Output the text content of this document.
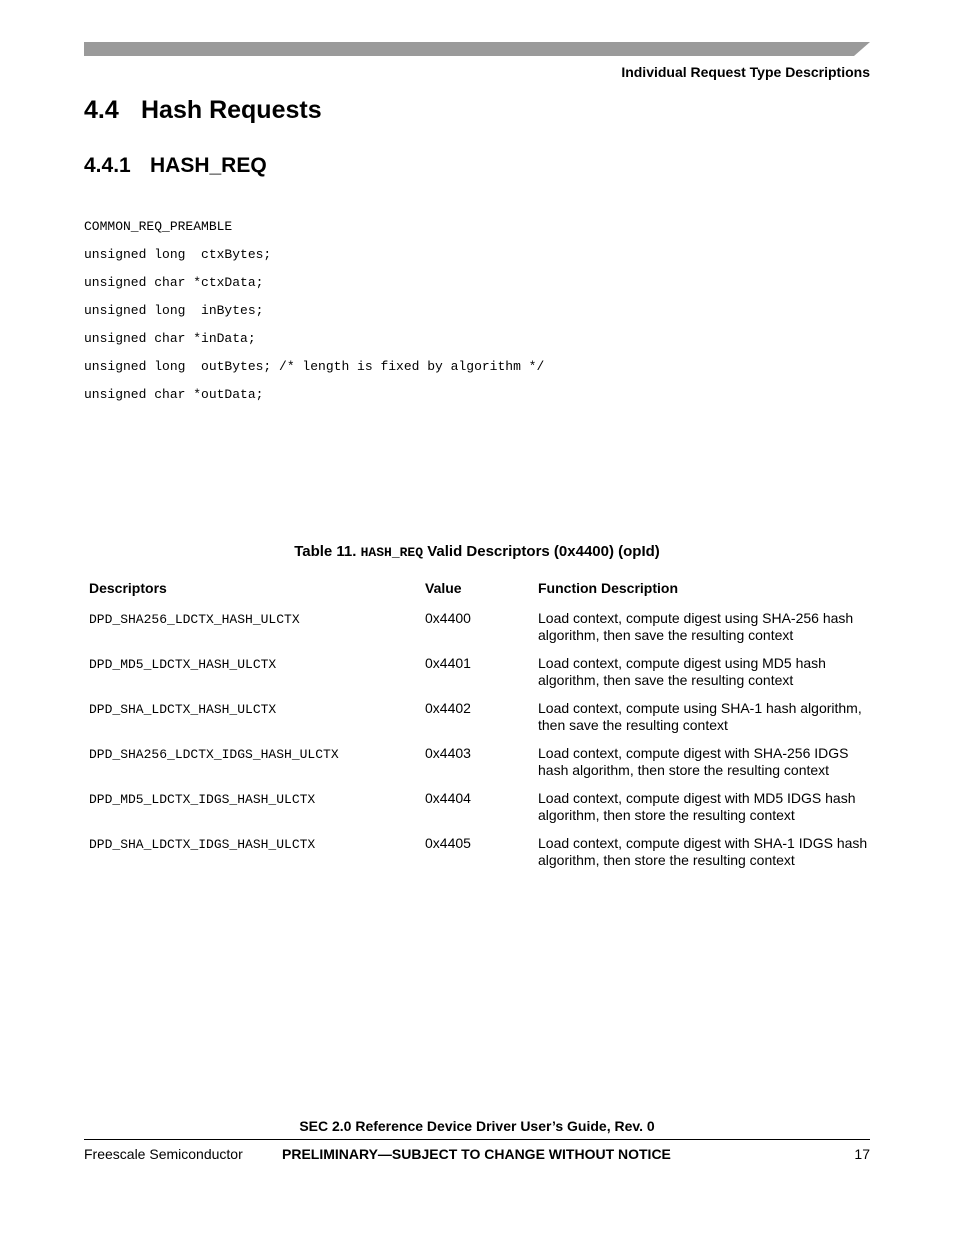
Individual Request Type Descriptions
4.4 Hash Requests
4.4.1 HASH_REQ
COMMON_REQ_PREAMBLE
unsigned long  ctxBytes;
unsigned char *ctxData;
unsigned long  inBytes;
unsigned char *inData;
unsigned long  outBytes; /* length is fixed by algorithm */
unsigned char *outData;
Table 11. HASH_REQ Valid Descriptors (0x4400) (opId)
Descriptors	Value	Function Description
DPD_SHA256_LDCTX_HASH_ULCTX	0x4400	Load context, compute digest using SHA-256 hash
algorithm, then save the resulting context
DPD_MD5_LDCTX_HASH_ULCTX	0x4401	Load context, compute digest using MD5 hash
algorithm, then save the resulting context
DPD_SHA_LDCTX_HASH_ULCTX	0x4402	Load context, compute using SHA-1 hash algorithm,
then save the resulting context
DPD_SHA256_LDCTX_IDGS_HASH_ULCTX	0x4403	Load context, compute digest with SHA-256 IDGS
hash algorithm, then store the resulting context
DPD_MD5_LDCTX_IDGS_HASH_ULCTX	0x4404	Load context, compute digest with MD5 IDGS hash
algorithm, then store the resulting context
DPD_SHA_LDCTX_IDGS_HASH_ULCTX	0x4405	Load context, compute digest with SHA-1 IDGS hash
algorithm, then store the resulting context
SEC 2.0 Reference Device Driver User’s Guide, Rev. 0
Freescale Semiconductor	PRELIMINARY—SUBJECT TO CHANGE WITHOUT NOTICE	17
